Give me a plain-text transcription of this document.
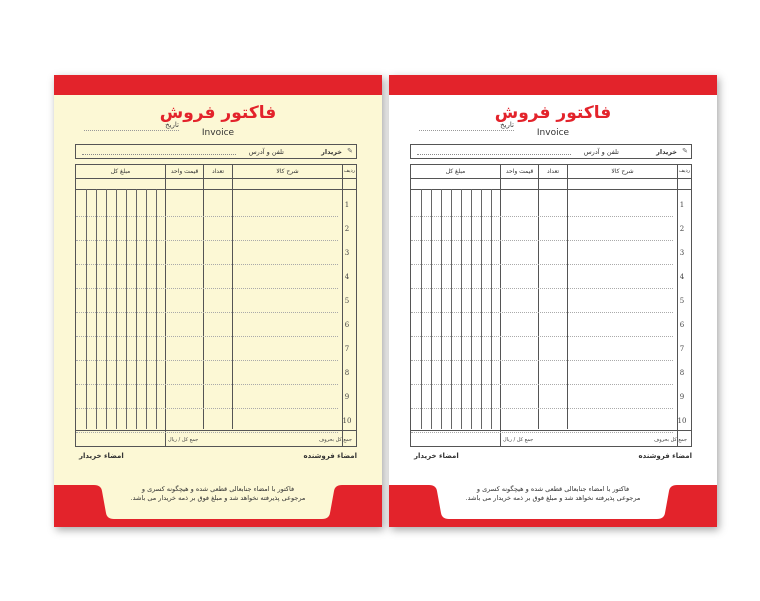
فاکتور فروش
Invoice
تاریخ
✎
خریدار
تلفن و آدرس
ردیف
شرح کالا
تعداد
قیمت واحد
مبلغ کل
1
2
3
4
5
6
7
8
9
10
جمع کل بحروف
جمع کل / ریال
امضاء فروشنده
امضاء خریدار
فاکتور با امضاء جنابعالی قطعی شده و هیچگونه کسری و
مرجوعی پذیرفته نخواهد شد و مبلغ فوق بر ذمه خریدار می باشد.
فاکتور فروش
Invoice
تاریخ
✎
خریدار
تلفن و آدرس
ردیف
شرح کالا
تعداد
قیمت واحد
مبلغ کل
1
2
3
4
5
6
7
8
9
10
جمع کل بحروف
جمع کل / ریال
امضاء فروشنده
امضاء خریدار
فاکتور با امضاء جنابعالی قطعی شده و هیچگونه کسری و
مرجوعی پذیرفته نخواهد شد و مبلغ فوق بر ذمه خریدار می باشد.
